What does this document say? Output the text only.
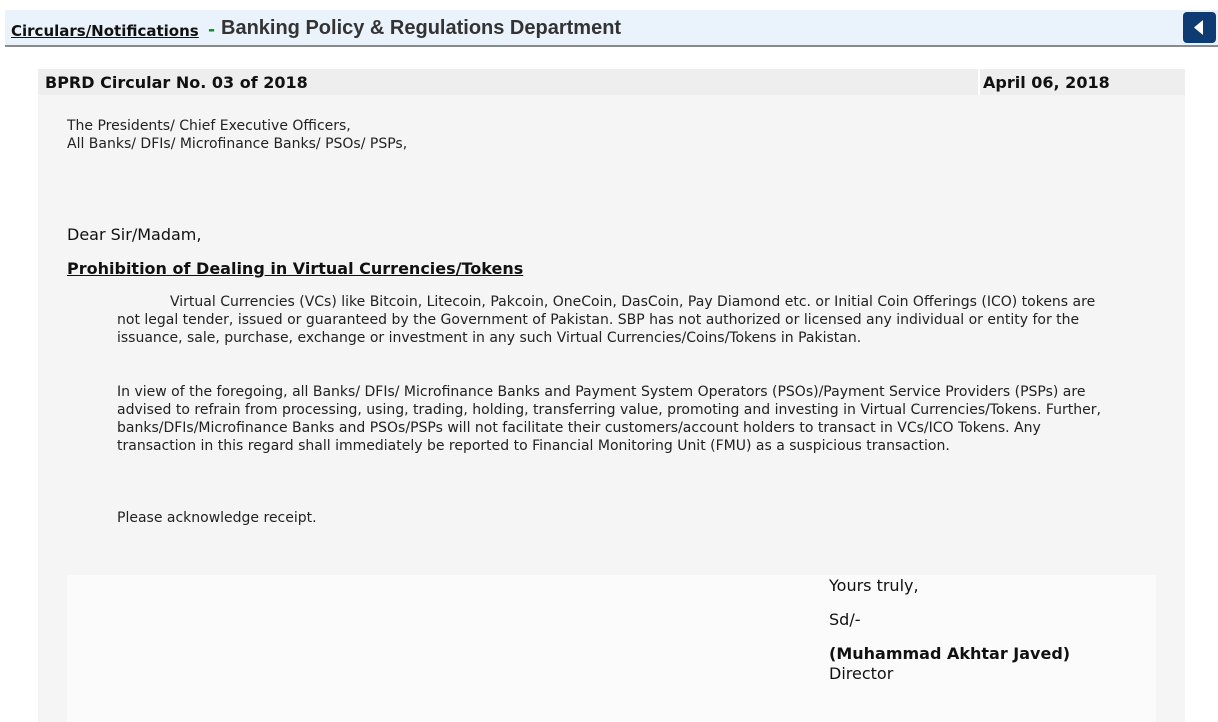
Circulars/Notifications - Banking Policy & Regulations Department
BPRD Circular No. 03 of 2018	April 06, 2018
The Presidents/ Chief Executive Officers,
All Banks/ DFIs/ Microfinance Banks/ PSOs/ PSPs,
Dear Sir/Madam,
Prohibition of Dealing in Virtual Currencies/Tokens

Virtual Currencies (VCs) like Bitcoin, Litecoin, Pakcoin, OneCoin, DasCoin, Pay Diamond etc. or Initial Coin Offerings (ICO) tokens are not legal tender, issued or guaranteed by the Government of Pakistan. SBP has not authorized or licensed any individual or entity for the issuance, sale, purchase, exchange or investment in any such Virtual Currencies/Coins/Tokens in Pakistan.

In view of the foregoing, all Banks/ DFIs/ Microfinance Banks and Payment System Operators (PSOs)/Payment Service Providers (PSPs) are advised to refrain from processing, using, trading, holding, transferring value, promoting and investing in Virtual Currencies/Tokens. Further, banks/DFIs/Microfinance Banks and PSOs/PSPs will not facilitate their customers/account holders to transact in VCs/ICO Tokens. Any transaction in this regard shall immediately be reported to Financial Monitoring Unit (FMU) as a suspicious transaction.

Please acknowledge receipt.

Yours truly,
Sd/-
(Muhammad Akhtar Javed)
Director
